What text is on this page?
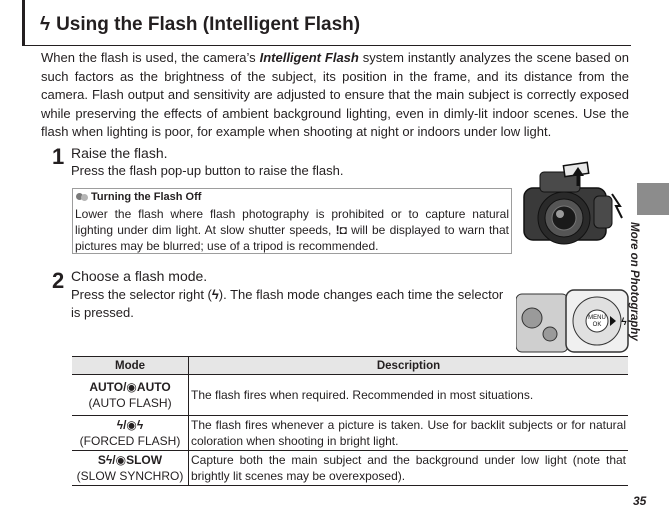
ϟ Using the Flash (Intelligent Flash)
When the flash is used, the camera’s Intelligent Flash system instantly analyzes the scene based on such factors as the brightness of the subject, its position in the frame, and its distance from the camera. Flash output and sensitivity are adjusted to ensure that the main subject is correctly exposed while preserving the effects of ambient background lighting, even in dimly-lit indoor scenes. Use the flash when lighting is poor, for example when shooting at night or indoors under low light.
1 Raise the flash.
Press the flash pop-up button to raise the flash.
Turning the Flash Off
Lower the flash where flash photography is prohibited or to capture natural lighting under dim light. At slow shutter speeds, !◘ will be displayed to warn that pictures may be blurred; use of a tripod is recommended.
2 Choose a flash mode.
Press the selector right (ϟ). The flash mode changes each time the selector is pressed.	MENU
OK ϟ
Mode	Description

AUTO/◉AUTO
(AUTO FLASH)	The flash fires when required. Recommended in most situations.

ϟ/◉ϟ
(FORCED FLASH)	The flash fires whenever a picture is taken. Use for backlit subjects or for natural coloration when shooting in bright light.

Sϟ/◉SLOW
(SLOW SYNCHRO)	Capture both the main subject and the background under low light (note that brightly lit scenes may be overexposed).
More on Photography
35
